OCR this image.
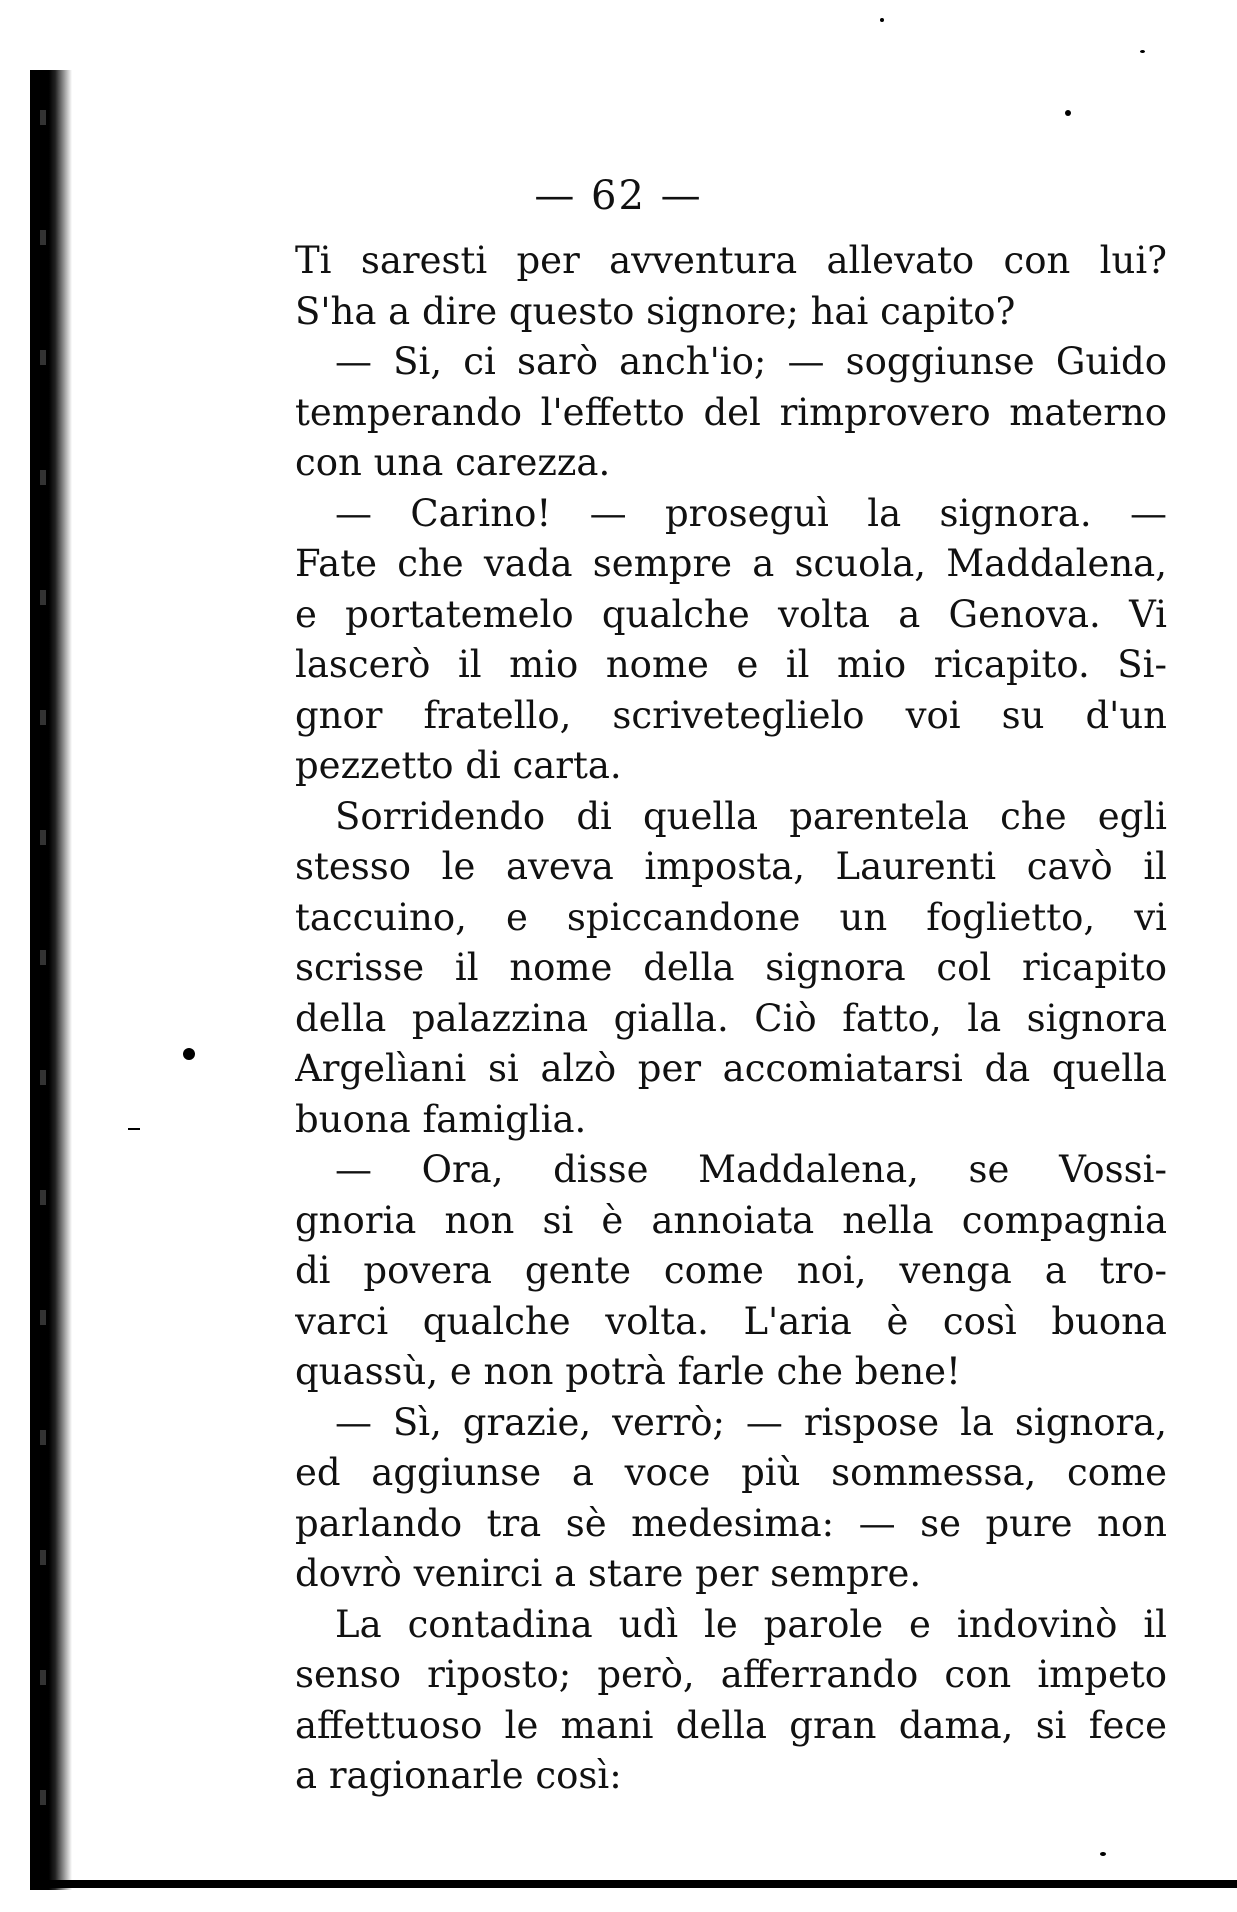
— 62 —
Ti saresti per avventura allevato con lui?
S'ha a dire questo signore; hai capito?
— Si, ci sarò anch'io; — soggiunse Guido
temperando l'effetto del rimprovero materno
con una carezza.
— Carino! — proseguì la signora. —
Fate che vada sempre a scuola, Maddalena,
e portatemelo qualche volta a Genova. Vi
lascerò il mio nome e il mio ricapito. Si-
gnor fratello, scriveteglielo voi su d'un
pezzetto di carta.
Sorridendo di quella parentela che egli
stesso le aveva imposta, Laurenti cavò il
taccuino, e spiccandone un foglietto, vi
scrisse il nome della signora col ricapito
della palazzina gialla. Ciò fatto, la signora
Argelìani si alzò per accomiatarsi da quella
buona famiglia.
— Ora, disse Maddalena, se Vossi-
gnoria non si è annoiata nella compagnia
di povera gente come noi, venga a tro-
varci qualche volta. L'aria è così buona
quassù, e non potrà farle che bene!
— Sì, grazie, verrò; — rispose la signora,
ed aggiunse a voce più sommessa, come
parlando tra sè medesima: — se pure non
dovrò venirci a stare per sempre.
La contadina udì le parole e indovinò il
senso riposto; però, afferrando con impeto
affettuoso le mani della gran dama, si fece
a ragionarle così:
